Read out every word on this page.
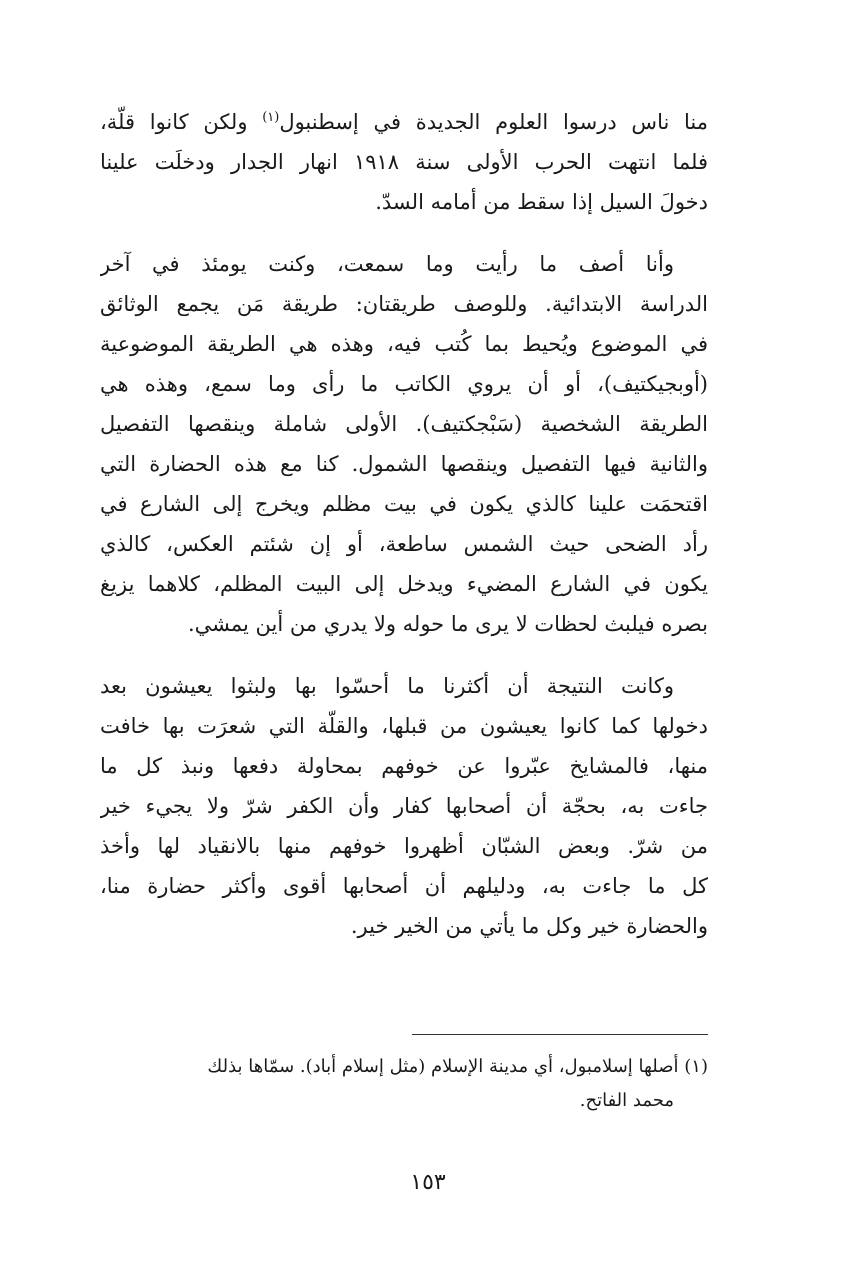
منا ناس درسوا العلوم الجديدة في إسطنبول$^{(١)}$ ولكن كانوا قلّة،
فلما انتهت الحرب الأولى سنة ١٩١٨ انهار الجدار ودخلَت علينا
دخولَ السيل إذا سقط من أمامه السدّ.
وأنا أصف ما رأيت وما سمعت، وكنت يومئذ في آخر
الدراسة الابتدائية. وللوصف طريقتان: طريقة مَن يجمع الوثائق
في الموضوع ويُحيط بما كُتب فيه، وهذه هي الطريقة الموضوعية
(أوبجيكتيف)، أو أن يروي الكاتب ما رأى وما سمع، وهذه هي
الطريقة الشخصية (سَبْجكتيف). الأولى شاملة وينقصها التفصيل
والثانية فيها التفصيل وينقصها الشمول. كنا مع هذه الحضارة التي
اقتحمَت علينا كالذي يكون في بيت مظلم ويخرج إلى الشارع في
رأد الضحى حيث الشمس ساطعة، أو إن شئتم العكس، كالذي
يكون في الشارع المضيء ويدخل إلى البيت المظلم، كلاهما يزيغ
بصره فيلبث لحظات لا يرى ما حوله ولا يدري من أين يمشي.
وكانت النتيجة أن أكثرنا ما أحسّوا بها ولبثوا يعيشون بعد
دخولها كما كانوا يعيشون من قبلها، والقلّة التي شعرَت بها خافت
منها، فالمشايخ عبّروا عن خوفهم بمحاولة دفعها ونبذ كل ما
جاءت به، بحجّة أن أصحابها كفار وأن الكفر شرّ ولا يجيء خير
من شرّ. وبعض الشبّان أظهروا خوفهم منها بالانقياد لها وأخذ
كل ما جاءت به، ودليلهم أن أصحابها أقوى وأكثر حضارة منا،
والحضارة خير وكل ما يأتي من الخير خير.
(١) أصلها إسلامبول، أي مدينة الإسلام (مثل إسلام أباد). سمّاها بذلك
محمد الفاتح.
١٥٣
